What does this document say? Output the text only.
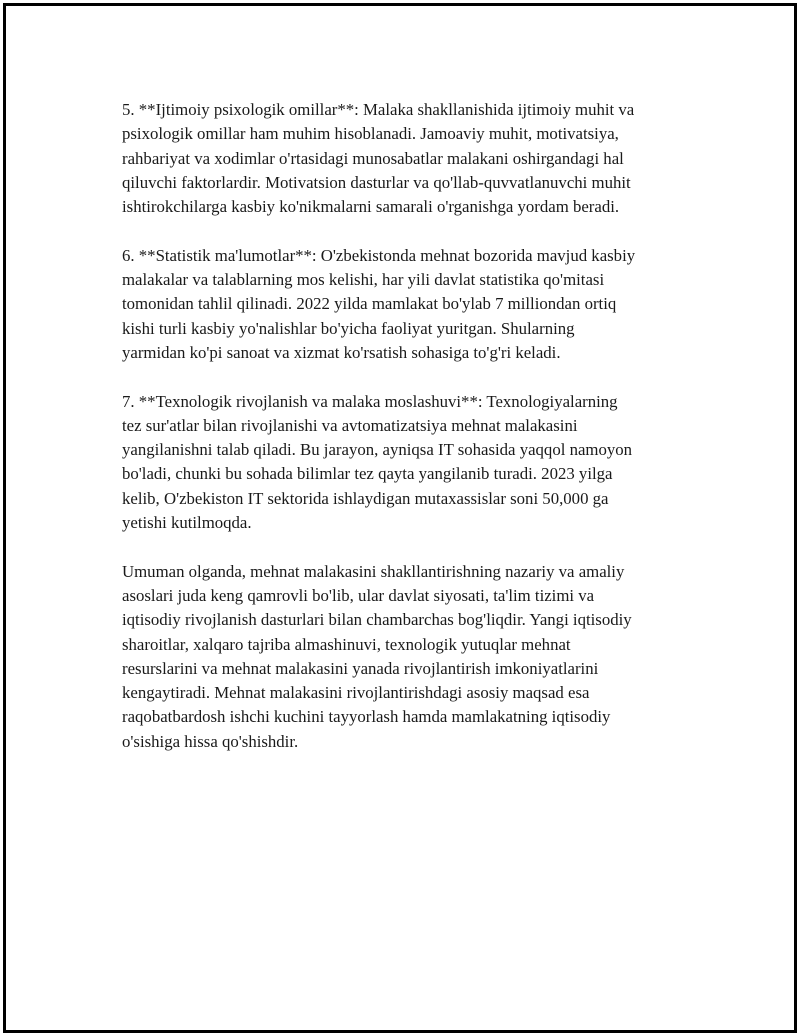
5. **Ijtimoiy psixologik omillar**: Malaka shakllanishida ijtimoiy muhit va
psixologik omillar ham muhim hisoblanadi. Jamoaviy muhit, motivatsiya,
rahbariyat va xodimlar o'rtasidagi munosabatlar malakani oshirgandagi hal
qiluvchi faktorlardir. Motivatsion dasturlar va qo'llab-quvvatlanuvchi muhit
ishtirokchilarga kasbiy ko'nikmalarni samarali o'rganishga yordam beradi.

6. **Statistik ma'lumotlar**: O'zbekistonda mehnat bozorida mavjud kasbiy
malakalar va talablarning mos kelishi, har yili davlat statistika qo'mitasi
tomonidan tahlil qilinadi. 2022 yilda mamlakat bo'ylab 7 milliondan ortiq
kishi turli kasbiy yo'nalishlar bo'yicha faoliyat yuritgan. Shularning
yarmidan ko'pi sanoat va xizmat ko'rsatish sohasiga to'g'ri keladi.

7. **Texnologik rivojlanish va malaka moslashuvi**: Texnologiyalarning
tez sur'atlar bilan rivojlanishi va avtomatizatsiya mehnat malakasini
yangilanishni talab qiladi. Bu jarayon, ayniqsa IT sohasida yaqqol namoyon
bo'ladi, chunki bu sohada bilimlar tez qayta yangilanib turadi. 2023 yilga
kelib, O'zbekiston IT sektorida ishlaydigan mutaxassislar soni 50,000 ga
yetishi kutilmoqda.

Umuman olganda, mehnat malakasini shakllantirishning nazariy va amaliy
asoslari juda keng qamrovli bo'lib, ular davlat siyosati, ta'lim tizimi va
iqtisodiy rivojlanish dasturlari bilan chambarchas bog'liqdir. Yangi iqtisodiy
sharoitlar, xalqaro tajriba almashinuvi, texnologik yutuqlar mehnat
resurslarini va mehnat malakasini yanada rivojlantirish imkoniyatlarini
kengaytiradi. Mehnat malakasini rivojlantirishdagi asosiy maqsad esa
raqobatbardosh ishchi kuchini tayyorlash hamda mamlakatning iqtisodiy
o'sishiga hissa qo'shishdir.
